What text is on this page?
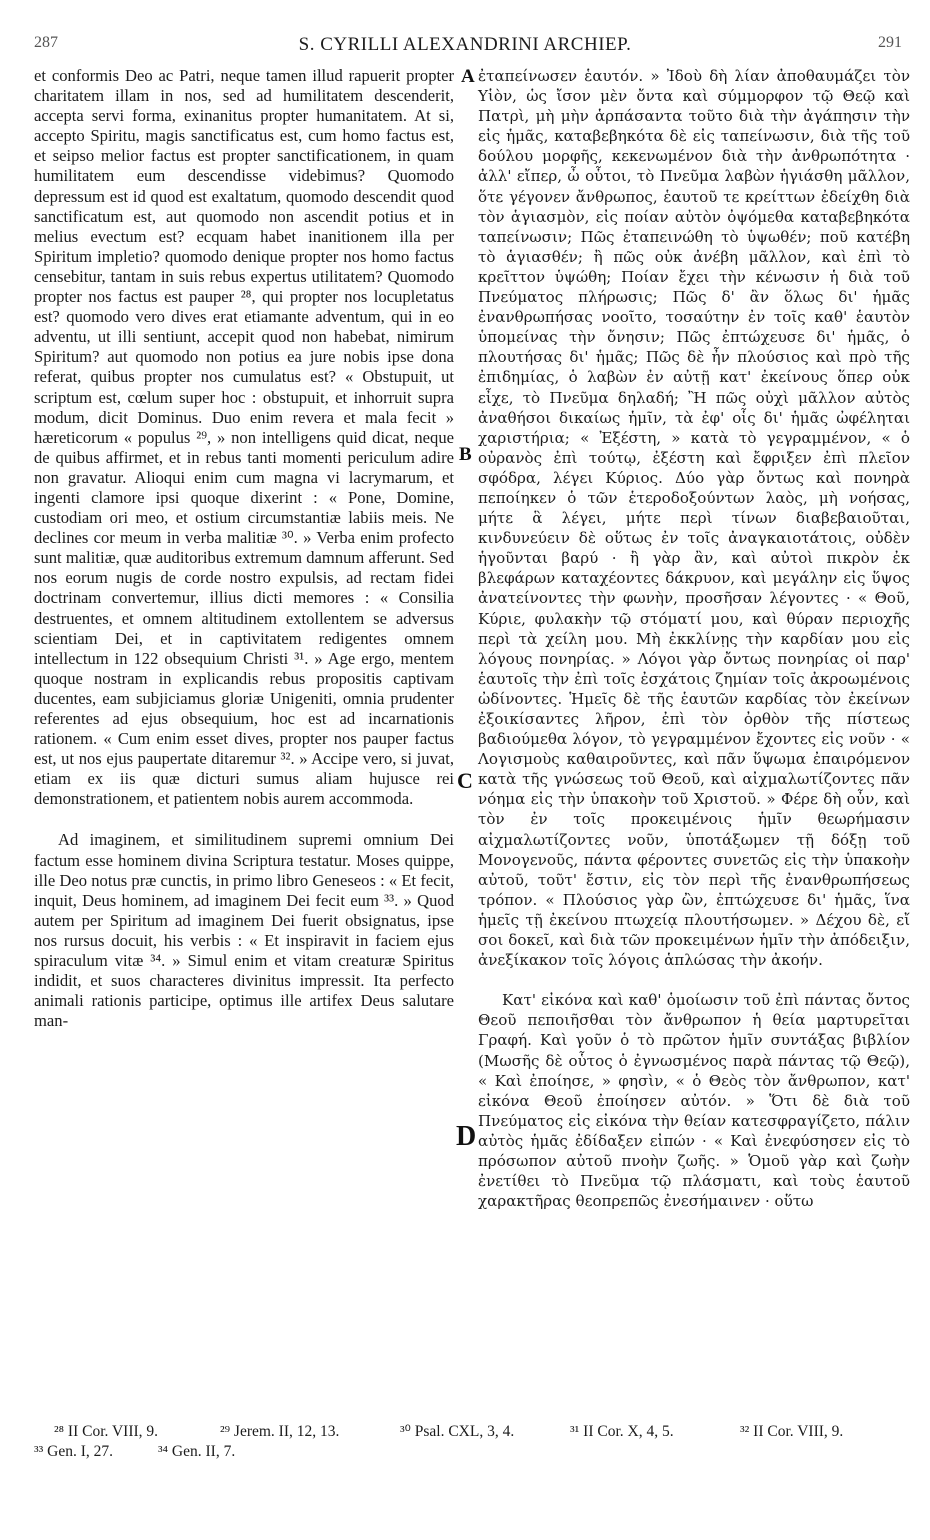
287	S. CYRILLI ALEXANDRINI ARCHIEP.	291

et conformis Deo ac Patri, neque tamen illud rapuerit propter charitatem illam in nos, sed ad humilitatem descenderit, accepta servi forma, exinanitus propter humanitatem. At si, accepto Spiritu, magis sanctificatus est, cum homo factus est, et seipso melior factus est propter sanctificationem, in quam humilitatem eum descendisse videbimus? Quomodo depressum est id quod est exaltatum, quomodo descendit quod sanctificatum est, aut quomodo non ascendit potius et in melius evectum est? ecquam habet inanitionem illa per Spiritum impletio? quomodo denique propter nos homo factus censebitur, tantam in suis rebus expertus utilitatem? Quomodo propter nos factus est pauper ²⁸, qui propter nos locupletatus est? quomodo vero dives erat etiamante adventum, qui in eo adventu, ut illi sentiunt, accepit quod non habebat, nimirum Spiritum? aut quomodo non potius ea jure nobis ipse dona referat, quibus propter nos cumulatus est? « Obstupuit, ut scriptum est, cœlum super hoc : obstupuit, et inhorruit supra modum, dicit Dominus. Duo enim revera et mala fecit » hæreticorum « populus ²⁹, » non intelligens quid dicat, neque de quibus affirmet, et in rebus tanti momenti periculum adire non gravatur. Alioqui enim cum magna vi lacrymarum, et ingenti clamore ipsi quoque dixerint : « Pone, Domine, custodiam ori meo, et ostium circumstantiæ labiis meis. Ne declines cor meum in verba malitiæ ³⁰. » Verba enim profecto sunt malitiæ, quæ auditoribus extremum damnum afferunt. Sed nos eorum nugis de corde nostro expulsis, ad rectam fidei doctrinam convertemur, illius dicti memores : « Consilia destruentes, et omnem altitudinem extollentem se adversus scientiam Dei, et in captivitatem redigentes omnem intellectum in 122 obsequium Christi ³¹. » Age ergo, mentem quoque nostram in explicandis rebus propositis captivam ducentes, eam subjiciamus gloriæ Unigeniti, omnia prudenter referentes ad ejus obsequium, hoc est ad incarnationis rationem. « Cum enim esset dives, propter nos pauper factus est, ut nos ejus paupertate ditaremur ³². » Accipe vero, si juvat, etiam ex iis quæ dicturi sumus aliam hujusce rei demonstrationem, et patientem nobis aurem accommoda.

Ad imaginem, et similitudinem supremi omnium Dei factum esse hominem divina Scriptura testatur. Moses quippe, ille Deo notus præ cunctis, in primo libro Geneseos : « Et fecit, inquit, Deus hominem, ad imaginem Dei fecit eum ³³. » Quod autem per Spiritum ad imaginem Dei fuerit obsignatus, ipse nos rursus docuit, his verbis : « Et inspiravit in faciem ejus spiraculum vitæ ³⁴. » Simul enim et vitam creaturæ Spiritus indidit, et suos characteres divinitus impressit. Ita perfecto animali rationis participe, optimus ille artifex Deus salutare man-

A
B
C
D

ἐταπείνωσεν ἑαυτόν. » Ἰδοὺ δὴ λίαν ἀποθαυμάζει τὸν Υἱὸν, ὡς ἴσον μὲν ὄντα καὶ σύμμορφον τῷ Θεῷ καὶ Πατρὶ, μὴ μὴν ἁρπάσαντα τοῦτο διὰ τὴν ἀγάπησιν τὴν εἰς ἡμᾶς, καταβεβηκότα δὲ εἰς ταπείνωσιν, διὰ τῆς τοῦ δούλου μορφῆς, κεκενωμένον διὰ τὴν ἀνθρωπότητα · ἀλλ' εἴπερ, ὦ οὗτοι, τὸ Πνεῦμα λαβὼν ἡγιάσθη μᾶλλον, ὅτε γέγονεν ἄνθρωπος, ἑαυτοῦ τε κρείττων ἐδείχθη διὰ τὸν ἁγιασμὸν, εἰς ποίαν αὐτὸν ὀψόμεθα καταβεβηκότα ταπείνωσιν; Πῶς ἐταπεινώθη τὸ ὑψωθέν; ποῦ κατέβη τὸ ἁγιασθέν; ἢ πῶς οὐκ ἀνέβη μᾶλλον, καὶ ἐπὶ τὸ κρεῖττον ὑψώθη; Ποίαν ἔχει τὴν κένωσιν ἡ διὰ τοῦ Πνεύματος πλήρωσις; Πῶς δ' ἂν ὅλως δι' ἡμᾶς ἐνανθρωπήσας νοοῖτο, τοσαύτην ἐν τοῖς καθ' ἑαυτὸν ὑπομείνας τὴν ὄνησιν; Πῶς ἐπτώχευσε δι' ἡμᾶς, ὁ πλουτήσας δι' ἡμᾶς; Πῶς δὲ ἦν πλούσιος καὶ πρὸ τῆς ἐπιδημίας, ὁ λαβὼν ἐν αὐτῇ κατ' ἐκείνους ὅπερ οὐκ εἶχε, τὸ Πνεῦμα δηλαδή; Ἢ πῶς οὐχὶ μᾶλλον αὐτὸς ἀναθήσοι δικαίως ἡμῖν, τὰ ἐφ' οἷς δι' ἡμᾶς ὠφέληται χαριστήρια; « Ἐξέστη, » κατὰ τὸ γεγραμμένον, « ὁ οὐρανὸς ἐπὶ τούτῳ, ἐξέστη καὶ ἔφριξεν ἐπὶ πλεῖον σφόδρα, λέγει Κύριος. Δύο γὰρ ὄντως καὶ πονηρὰ πεποίηκεν ὁ τῶν ἑτεροδοξούντων λαὸς, μὴ νοήσας, μήτε ἃ λέγει, μήτε περὶ τίνων διαβεβαιοῦται, κινδυνεύειν δὲ οὕτως ἐν τοῖς ἀναγκαιοτάτοις, οὐδὲν ἡγοῦνται βαρύ · ἢ γὰρ ἂν, καὶ αὐτοὶ πικρὸν ἐκ βλεφάρων καταχέοντες δάκρυον, καὶ μεγάλην εἰς ὕψος ἀνατείνοντες τὴν φωνὴν, προσῆσαν λέγοντες · « Θοῦ, Κύριε, φυλακὴν τῷ στόματί μου, καὶ θύραν περιοχῆς περὶ τὰ χείλη μου. Μὴ ἐκκλίνῃς τὴν καρδίαν μου εἰς λόγους πονηρίας. » Λόγοι γὰρ ὄντως πονηρίας οἱ παρ' ἑαυτοῖς τὴν ἐπὶ τοῖς ἐσχάτοις ζημίαν τοῖς ἀκροωμένοις ὠδίνοντες. Ἡμεῖς δὲ τῆς ἑαυτῶν καρδίας τὸν ἐκείνων ἐξοικίσαντες λῆρον, ἐπὶ τὸν ὀρθὸν τῆς πίστεως βαδιούμεθα λόγον, τὸ γεγραμμένον ἔχοντες εἰς νοῦν · « Λογισμοὺς καθαιροῦντες, καὶ πᾶν ὕψωμα ἐπαιρόμενον κατὰ τῆς γνώσεως τοῦ Θεοῦ, καὶ αἰχμαλωτίζοντες πᾶν νόημα εἰς τὴν ὑπακοὴν τοῦ Χριστοῦ. » Φέρε δὴ οὖν, καὶ τὸν ἐν τοῖς προκειμένοις ἡμῖν θεωρήμασιν αἰχμαλωτίζοντες νοῦν, ὑποτάξωμεν τῇ δόξῃ τοῦ Μονογενοῦς, πάντα φέροντες συνετῶς εἰς τὴν ὑπακοὴν αὐτοῦ, τοῦτ' ἔστιν, εἰς τὸν περὶ τῆς ἐνανθρωπήσεως τρόπον. « Πλούσιος γὰρ ὢν, ἐπτώχευσε δι' ἡμᾶς, ἵνα ἡμεῖς τῇ ἐκείνου πτωχείᾳ πλουτήσωμεν. » Δέχου δὲ, εἴ σοι δοκεῖ, καὶ διὰ τῶν προκειμένων ἡμῖν τὴν ἀπόδειξιν, ἀνεξίκακον τοῖς λόγοις ἁπλώσας τὴν ἀκοήν.

Κατ' εἰκόνα καὶ καθ' ὁμοίωσιν τοῦ ἐπὶ πάντας ὄντος Θεοῦ πεποιῆσθαι τὸν ἄνθρωπον ἡ θεία μαρτυρεῖται Γραφή. Καὶ γοῦν ὁ τὸ πρῶτον ἡμῖν συντάξας βιβλίον (Μωσῆς δὲ οὗτος ὁ ἐγνωσμένος παρὰ πάντας τῷ Θεῷ), « Καὶ ἐποίησε, » φησὶν, « ὁ Θεὸς τὸν ἄνθρωπον, κατ' εἰκόνα Θεοῦ ἐποίησεν αὐτόν. » Ὅτι δὲ διὰ τοῦ Πνεύματος εἰς εἰκόνα τὴν θείαν κατεσφραγίζετο, πάλιν αὐτὸς ἡμᾶς ἐδίδαξεν εἰπών · « Καὶ ἐνεφύσησεν εἰς τὸ πρόσωπον αὐτοῦ πνοὴν ζωῆς. » Ὁμοῦ γὰρ καὶ ζωὴν ἐνετίθει τὸ Πνεῦμα τῷ πλάσματι, καὶ τοὺς ἑαυτοῦ χαρακτῆρας θεοπρεπῶς ἐνεσήμαινεν · οὕτω

²⁸ II Cor. VIII, 9.	²⁹ Jerem. II, 12, 13.	³⁰ Psal. CXL, 3, 4.	³¹ II Cor. X, 4, 5.	³² II Cor. VIII, 9.
³³ Gen. I, 27.	³⁴ Gen. II, 7.
